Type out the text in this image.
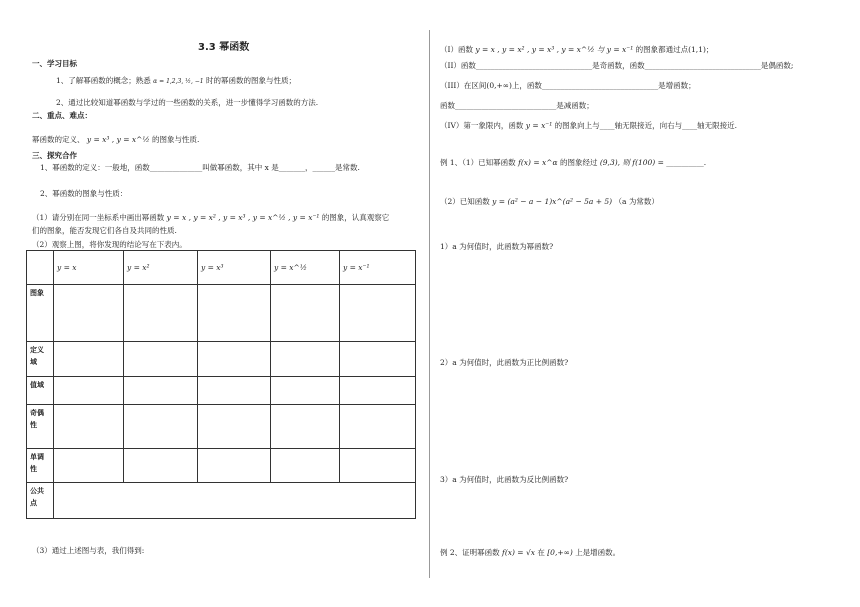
3.3 幂函数
一、学习目标
1、了解幂函数的概念；熟悉 α = 1,2,3, ½, −1 时的幂函数的图象与性质；
2、通过比较知道幂函数与学过的一些函数的关系，进一步懂得学习函数的方法.
二、重点、难点：
幂函数的定义、 y = x³ , y = x^½ 的图象与性质.
三、探究合作
1、幂函数的定义：一般地，函数______________叫做幂函数，其中 x 是_______，______是常数.
2、幂函数的图象与性质：
（1）请分别在同一坐标系中画出幂函数 y = x , y = x² , y = x³ , y = x^½ , y = x⁻¹ 的图象，认真观察它
们的图象，能否发现它们各自及共同的性质.
（2）观察上图，将你发现的结论写在下表内。
	y = x	y = x²	y = x³	y = x^½	y = x⁻¹
图象					
定义域					
值域					
奇偶性					
单调性					
公共点					
（3）通过上述图与表，我们得到:
（Ⅰ）函数 y = x , y = x² , y = x³ , y = x^½ 与 y = x⁻¹ 的图象都通过点(1,1)；
（II）函数_______________________________是奇函数，函数_______________________________是偶函数;
（III）在区间(0,+∞)上，函数_______________________________是增函数；
函数___________________________是减函数；
（IV）第一象限内，函数 y = x⁻¹ 的图象向上与____轴无限接近，向右与____轴无限接近.
例 1、（1）已知幂函数 f(x) = x^α 的图象经过 (9,3), 则 f(100) = __________.
（2）已知函数 y = (a² − a − 1)x^(a² − 5a + 5) （a 为常数）
1）a 为何值时，此函数为幂函数?
2）a 为何值时，此函数为正比例函数?
3）a 为何值时，此函数为反比例函数?
例 2、证明幂函数 f(x) = √x 在 [0,+∞) 上是增函数。
